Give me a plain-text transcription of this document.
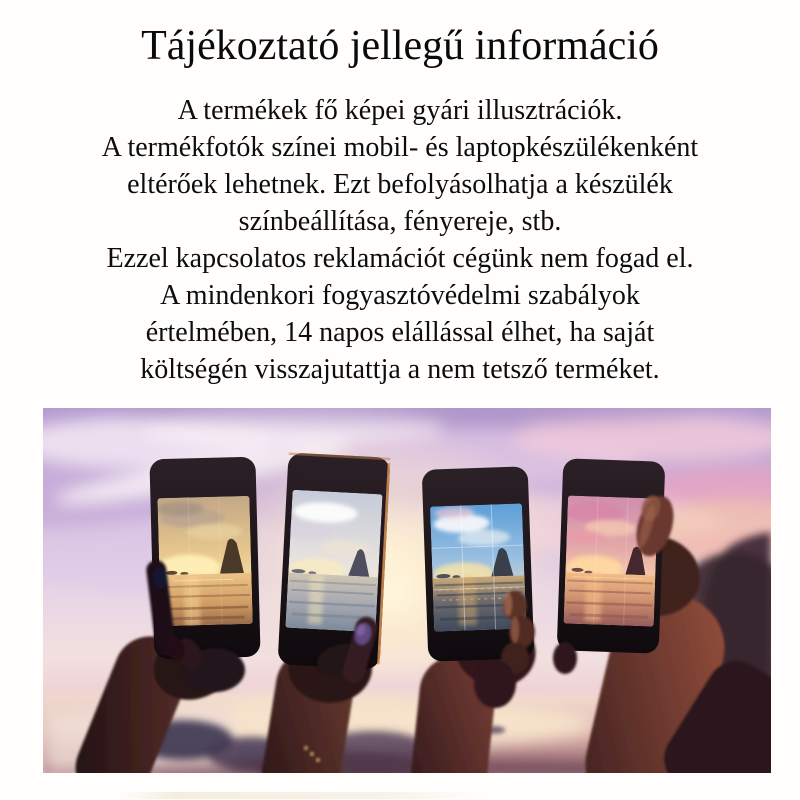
Tájékoztató jellegű információ

A termékek fő képei gyári illusztrációk.

A termékfotók színei mobil- és laptopkészülékenként

eltérőek lehetnek. Ezt befolyásolhatja a készülék

színbeállítása, fényereje, stb.

Ezzel kapcsolatos reklamációt cégünk nem fogad el.

A mindenkori fogyasztóvédelmi szabályok

értelmében, 14 napos elállással élhet, ha saját

költségén visszajutattja a nem tetsző terméket.
